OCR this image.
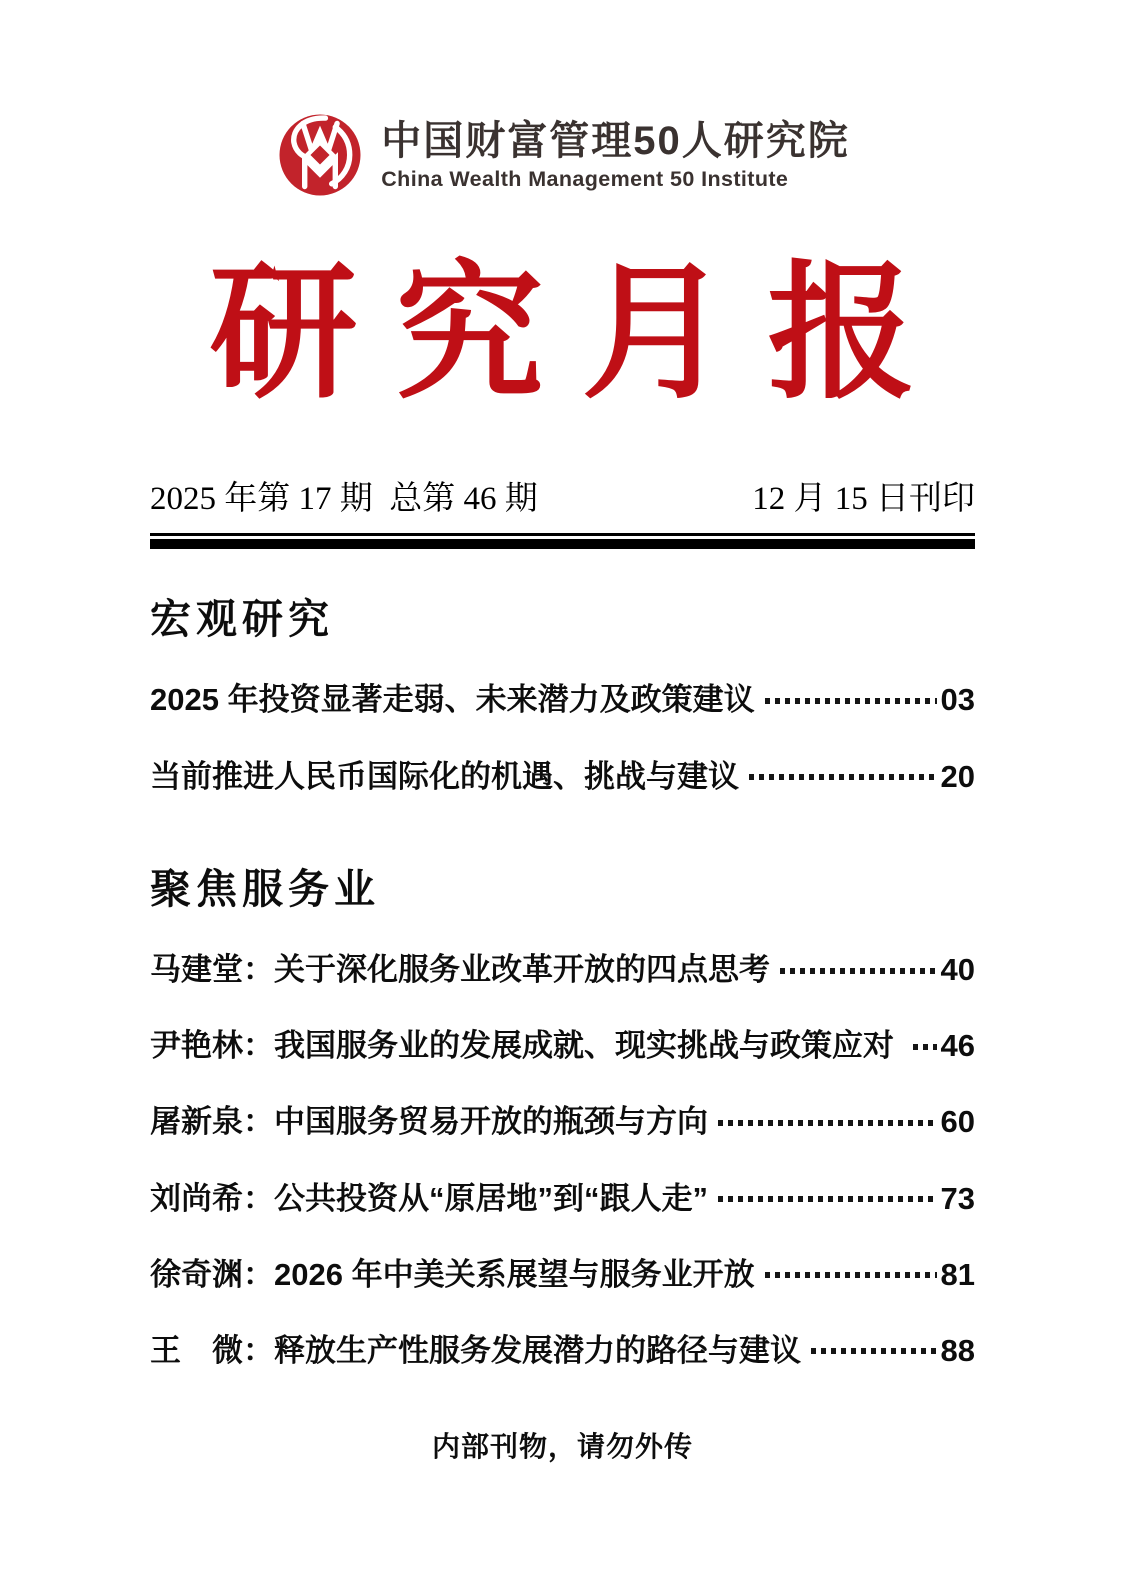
中国财富管理50人研究院
China Wealth Management 50 Institute
研究月报
2025 年第 17 期  总第 46 期	12 月 15 日刊印
宏观研究
2025 年投资显著走弱、未来潜力及政策建议	03
当前推进人民币国际化的机遇、挑战与建议	20
聚焦服务业
马建堂：关于深化服务业改革开放的四点思考	40
尹艳林：我国服务业的发展成就、现实挑战与政策应对 46
屠新泉：中国服务贸易开放的瓶颈与方向	60
刘尚希：公共投资从“原居地”到“跟人走”	73
徐奇渊：2026 年中美关系展望与服务业开放	81
王　微：释放生产性服务发展潜力的路径与建议	88
内部刊物，请勿外传
